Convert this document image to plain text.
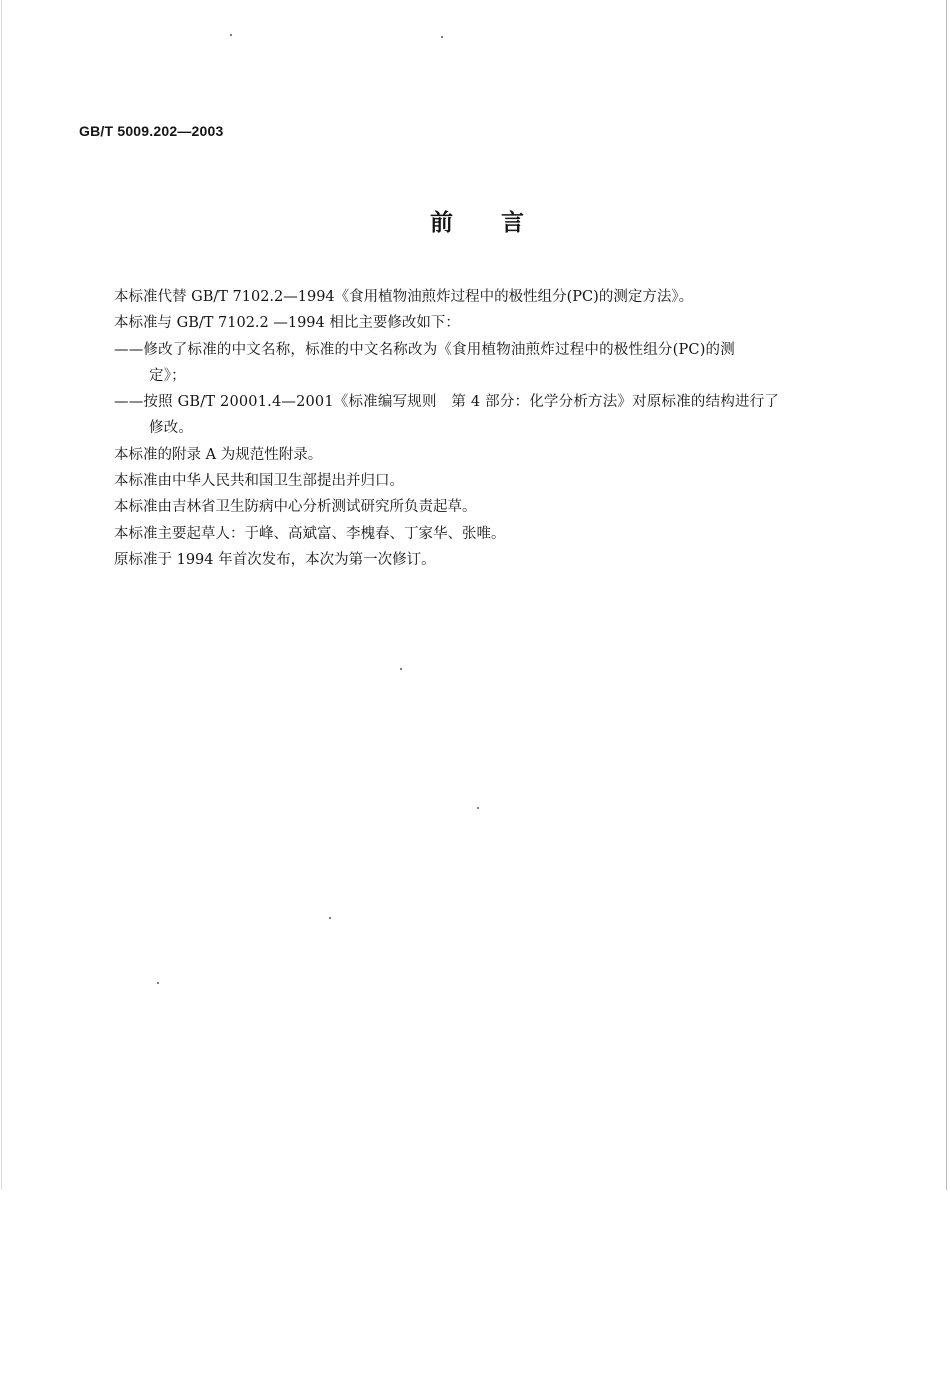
GB/T 5009.202—2003
前言

本标准代替 GB/T 7102.2—1994《食用植物油煎炸过程中的极性组分(PC)的测定方法》。

本标准与 GB/T 7102.2 —1994 相比主要修改如下：

——修改了标准的中文名称，标准的中文名称改为《食用植物油煎炸过程中的极性组分(PC)的测
定》；

——按照 GB/T 20001.4—2001《标准编写规则　第 4 部分：化学分析方法》对原标准的结构进行了
修改。

本标准的附录 A 为规范性附录。

本标准由中华人民共和国卫生部提出并归口。

本标准由吉林省卫生防病中心分析测试研究所负责起草。

本标准主要起草人：于峰、高斌富、李槐春、丁家华、张唯。

原标准于 1994 年首次发布，本次为第一次修订。
